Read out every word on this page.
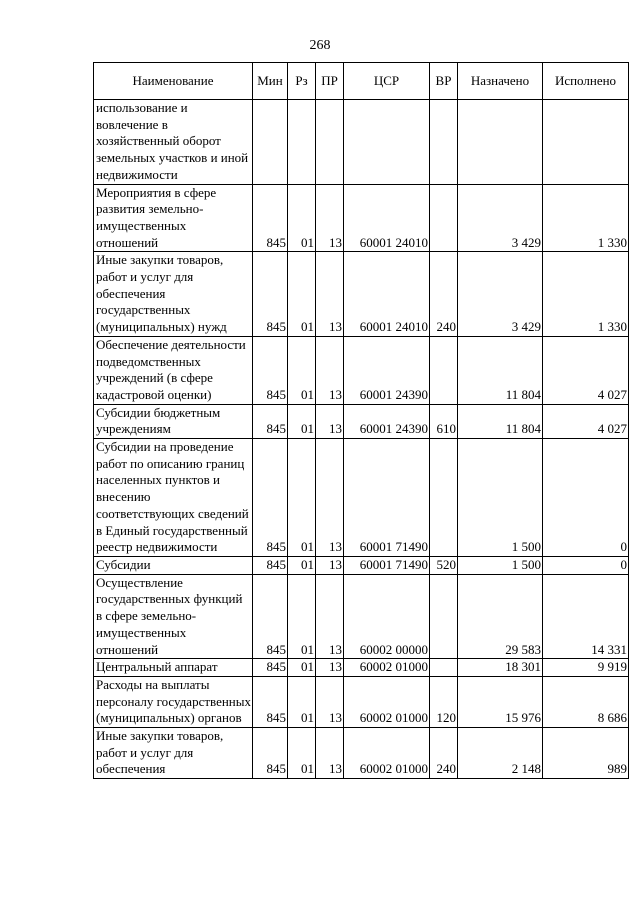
268
Наименование	Мин	Рз	ПР	ЦСР	ВР	Назначено	Исполнено
использование и вовлечение в хозяйственный оборот земельных участков и иной недвижимости							
Мероприятия в сфере развития земельно-имущественных отношений	845	01	13	60001 24010		3 429	1 330
Иные закупки товаров, работ и услуг для обеспечения государственных (муниципальных) нужд	845	01	13	60001 24010	240	3 429	1 330
Обеспечение деятельности подведомственных учреждений (в сфере кадастровой оценки)	845	01	13	60001 24390		11 804	4 027
Субсидии бюджетным учреждениям	845	01	13	60001 24390	610	11 804	4 027
Субсидии на проведение работ по описанию границ населенных пунктов и внесению соответствующих сведений в Единый государственный реестр недвижимости	845	01	13	60001 71490		1 500	0
Субсидии	845	01	13	60001 71490	520	1 500	0
Осуществление государственных функций в сфере земельно-имущественных отношений	845	01	13	60002 00000		29 583	14 331
Центральный аппарат	845	01	13	60002 01000		18 301	9 919
Расходы на выплаты персоналу государственных (муниципальных) органов	845	01	13	60002 01000	120	15 976	8 686
Иные закупки товаров, работ и услуг для обеспечения	845	01	13	60002 01000	240	2 148	989
